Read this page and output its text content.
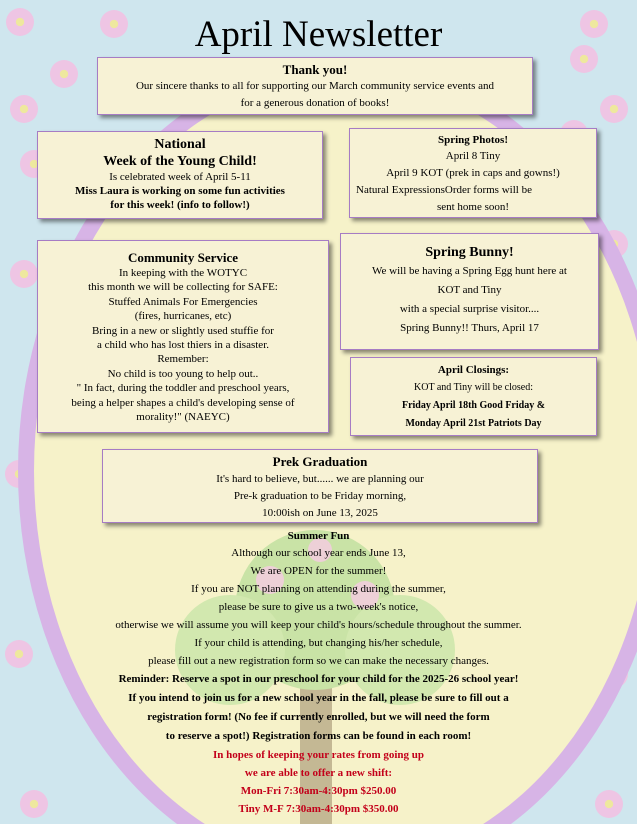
April Newsletter
Thank you!
Our sincere thanks to all for supporting our March community service events and
for a generous donation of books!
National
Week of the Young Child!
Is celebrated week of April 5-11
Miss Laura is working on some fun activities
for this week! (info to follow!)
Spring Photos!
April 8 Tiny
April 9 KOT (prek in caps and gowns!)
Natural ExpressionsOrder forms will be
sent home soon!
Community Service
In keeping with the WOTYC
this month we will be collecting for SAFE:
Stuffed Animals For Emergencies
(fires, hurricanes, etc)
Bring in a new or slightly used stuffie for
a child who has lost thiers in a disaster.
Remember:
No child is too young to help out..
" In fact, during the toddler and preschool years,
being a helper shapes a child's developing sense of
morality!" (NAEYC)
Spring Bunny!
We will be having a Spring Egg hunt here at
KOT and Tiny
with a special surprise visitor....
Spring Bunny!! Thurs, April 17
April Closings:
KOT and Tiny will be closed:
Friday April 18th Good Friday &
Monday April 21st Patriots Day
Prek Graduation
It's hard to believe, but...... we are planning our
Pre-k graduation to be Friday morning,
10:00ish on June 13, 2025
Summer Fun
Although our school year ends June 13,
We are OPEN for the summer!
If you are NOT planning on attending during the summer,
please be sure to give us a two-week's notice,
otherwise we will assume you will keep your child's hours/schedule throughout the summer.
If your child is attending, but changing his/her schedule,
please fill out a new registration form so we can make the necessary changes.
Reminder: Reserve a spot in our preschool for your child for the 2025-26 school year!
If you intend to join us for a new school year in the fall, please be sure to fill out a
registration form! (No fee if currently enrolled, but we will need the form
to reserve a spot!) Registration forms can be found in each room!
In hopes of keeping your rates from going up
we are able to offer a new shift:
Mon-Fri 7:30am-4:30pm $250.00
Tiny M-F 7:30am-4:30pm $350.00
